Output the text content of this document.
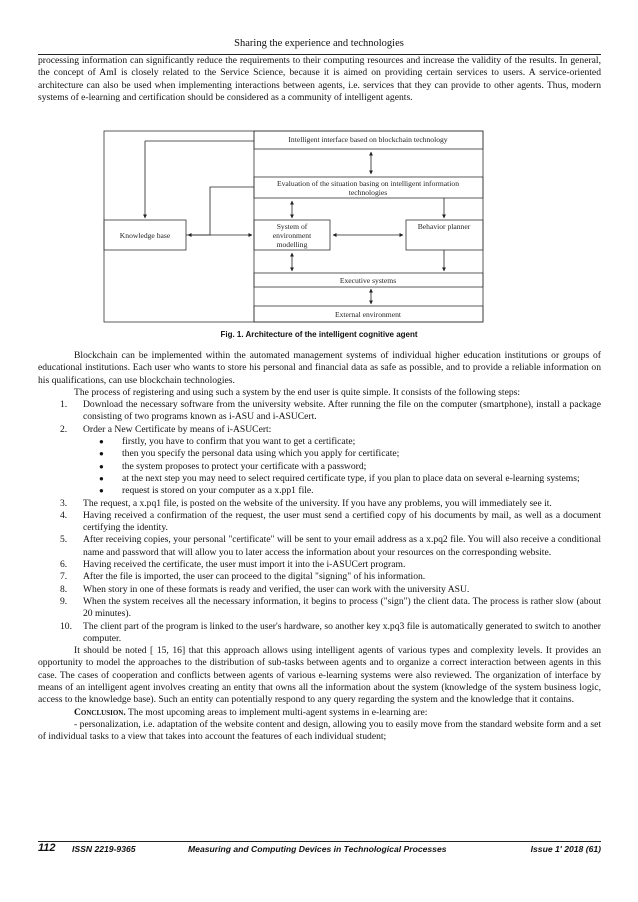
Sharing the experience and technologies

processing information can significantly reduce the requirements to their computing resources and increase the validity of the results. In general, the concept of AmI is closely related to the Service Science, because it is aimed on providing certain services to users. A service-oriented architecture can also be used when implementing interactions between agents, i.e. services that they can provide to other agents. Thus, modern systems of e-learning and certification should be considered as a community of intelligent agents.

Intelligent interface based on blockchain technology
Evaluation of the situation basing on intelligent information
technologies
Knowledge base
System of
environment
modelling
Behavior planner
Executive systems
External environment
Fig. 1. Architecture of the intelligent cognitive agent

Blockchain can be implemented within the automated management systems of individual higher education institutions or groups of educational institutions. Each user who wants to store his personal and financial data as safe as possible, and to provide a reliable information on his qualifications, can use blockchain technologies.

The process of registering and using such a system by the end user is quite simple. It consists of the following steps:

1.	Download the necessary software from the university website. After running the file on the computer (smartphone), install a package consisting of two programs known as i-ASU and i-ASUCert.
2.	Order a New Certificate by means of i-ASUCert:
● firstly, you have to confirm that you want to get a certificate;
● then you specify the personal data using which you apply for certificate;
● the system proposes to protect your certificate with a password;
● at the next step you may need to select required certificate type, if you plan to place data on several e-learning systems;
● request is stored on your computer as a x.pp1 file.
3.	The request, a x.pq1 file, is posted on the website of the university. If you have any problems, you will immediately see it.
4.	Having received a confirmation of the request, the user must send a certified copy of his documents by mail, as well as a document certifying the identity.
5.	After receiving copies, your personal "certificate" will be sent to your email address as a x.pq2 file. You will also receive a conditional name and password that will allow you to later access the information about your resources on the corresponding website.
6.	Having received the certificate, the user must import it into the i-ASUCert program.
7.	After the file is imported, the user can proceed to the digital "signing" of his information.
8.	When story in one of these formats is ready and verified, the user can work with the university ASU.
9.	When the system receives all the necessary information, it begins to process ("sign") the client data. The process is rather slow (about 20 minutes).
10.	The client part of the program is linked to the user's hardware, so another key x.pq3 file is automatically generated to switch to another computer.

It should be noted [ 15, 16] that this approach allows using intelligent agents of various types and complexity levels. It provides an opportunity to model the approaches to the distribution of sub-tasks between agents and to organize a correct interaction between agents in this case. The cases of cooperation and conflicts between agents of various e-learning systems were also reviewed. The organization of interface by means of an intelligent agent involves creating an entity that owns all the information about the system (knowledge of the system business logic, access to the knowledge base). Such an entity can potentially respond to any query regarding the system and the knowledge that it contains.

Conclusion. The most upcoming areas to implement multi-agent systems in e-learning are:

- personalization, i.e. adaptation of the website content and design, allowing you to easily move from the standard website form and a set of individual tasks to a view that takes into account the features of each individual student;

112 ISSN 2219-9365	Measuring and Computing Devices in Technological Processes	Issue 1' 2018 (61)
